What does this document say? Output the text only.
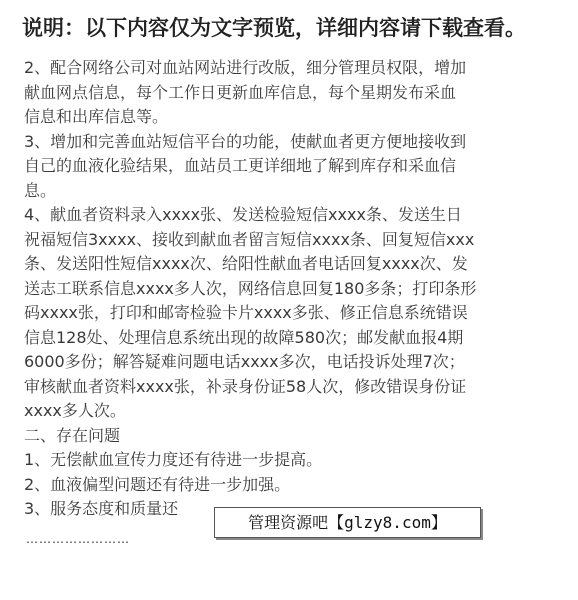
说明：以下内容仅为文字预览，详细内容请下载查看。
2、配合网络公司对血站网站进行改版，细分管理员权限，增加
献血网点信息，每个工作日更新血库信息，每个星期发布采血
信息和出库信息等。
3、增加和完善血站短信平台的功能，使献血者更方便地接收到
自己的血液化验结果，血站员工更详细地了解到库存和采血信
息。
4、献血者资料录入xxxx张、发送检验短信xxxx条、发送生日
祝福短信3xxxx、接收到献血者留言短信xxxx条、回复短信xxx
条、发送阳性短信xxxx次、给阳性献血者电话回复xxxx次、发
送志工联系信息xxxx多人次，网络信息回复180多条；打印条形
码xxxx张，打印和邮寄检验卡片xxxx多张、修正信息系统错误
信息128处、处理信息系统出现的故障580次；邮发献血报4期
6000多份；解答疑难问题电话xxxx多次，电话投诉处理7次；
审核献血者资料xxxx张，补录身份证58人次，修改错误身份证
xxxx多人次。
二、存在问题
1、无偿献血宣传力度还有待进一步提高。
2、血液偏型问题还有待进一步加强。
3、服务态度和质量还
管理资源吧【glzy8.com】
……………………
